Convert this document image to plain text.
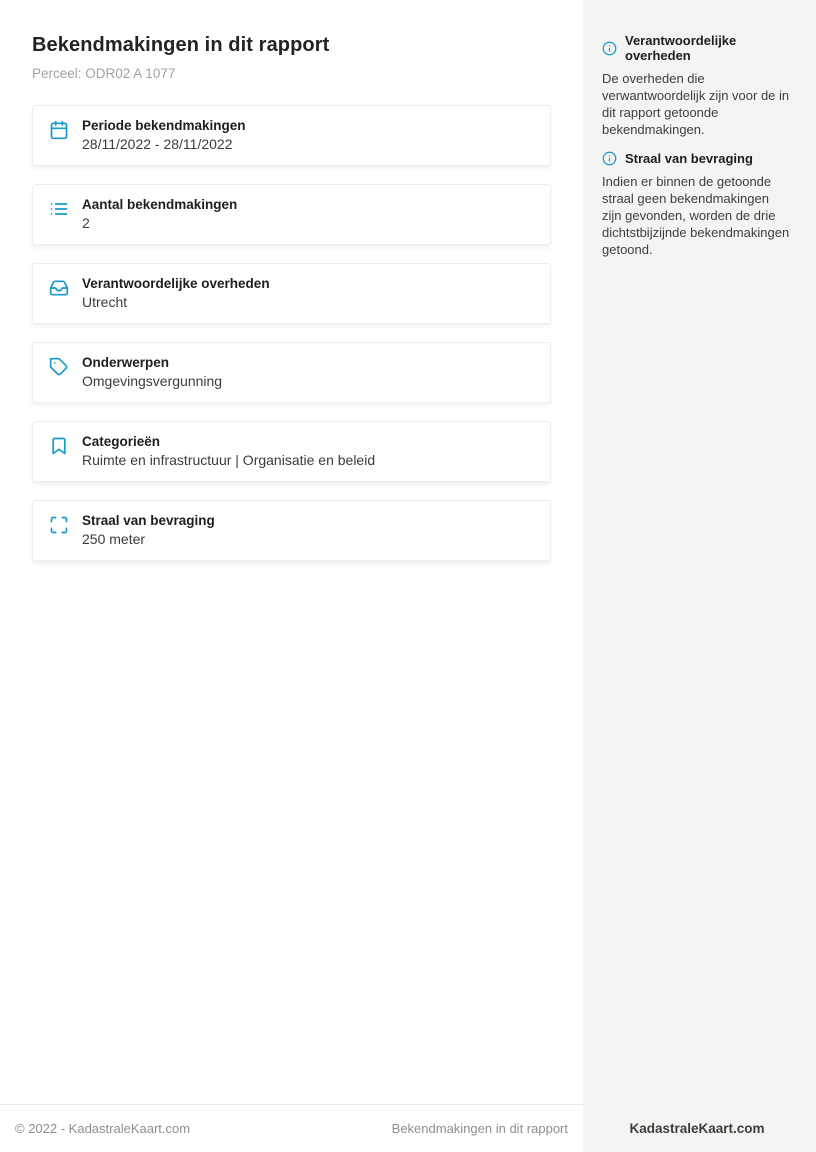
Bekendmakingen in dit rapport

Perceel: ODR02 A 1077

Periode bekendmakingen
28/11/2022 - 28/11/2022
Aantal bekendmakingen
2
Verantwoordelijke overheden
Utrecht
Onderwerpen
Omgevingsvergunning
Categorieën
Ruimte en infrastructuur | Organisatie en beleid
Straal van bevraging
250 meter
© 2022 - KadastraleKaart.com	Bekendmakingen in dit rapport
Verantwoordelijke overheden

De overheden die verwantwoordelijk zijn voor de in dit rapport getoonde bekendmakingen.

Straal van bevraging

Indien er binnen de getoonde straal geen bekendmakingen zijn gevonden, worden de drie dichtstbijzijnde bekendmakingen getoond.

KadastraleKaart.com
